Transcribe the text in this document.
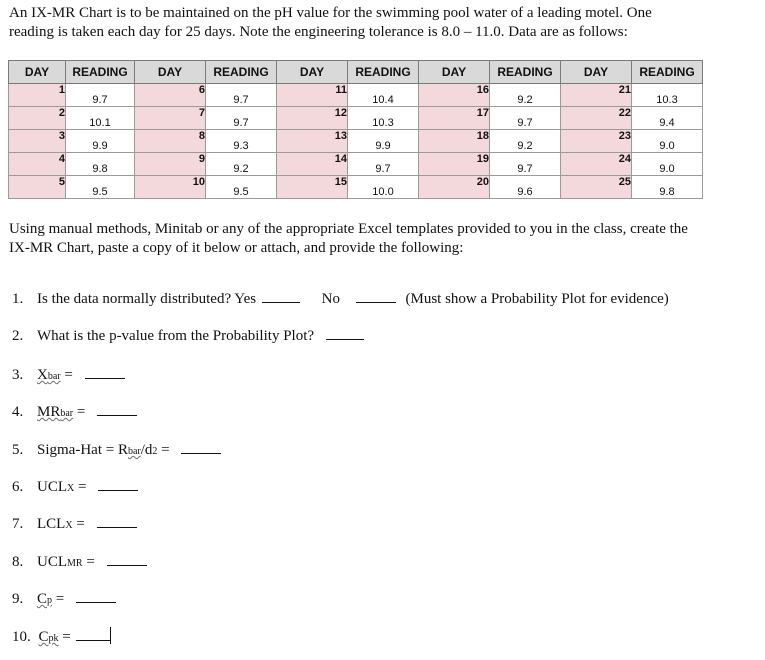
An IX-MR Chart is to be maintained on the pH value for the swimming pool water of a leading motel. One

reading is taken each day for 25 days. Note the engineering tolerance is 8.0 – 11.0. Data are as follows:

DAY	READING	DAY	READING	DAY	READING	DAY	READING	DAY	READING
1	9.7	6	9.7	11	10.4	16	9.2	21	10.3
2	10.1	7	9.7	12	10.3	17	9.7	22	9.4
3	9.9	8	9.3	13	9.9	18	9.2	23	9.0
4	9.8	9	9.2	14	9.7	19	9.7	24	9.0
5	9.5	10	9.5	15	10.0	20	9.6	25	9.8

Using manual methods, Minitab or any of the appropriate Excel templates provided to you in the class, create the

IX-MR Chart, paste a copy of it below or attach, and provide the following:

1. Is the data normally distributed? Yes	No	(Must show a Probability Plot for evidence)
2. What is the p-value from the Probability Plot?
3. Xbar =
4. MRbar =
5. Sigma-Hat = Rbar/d2 =
6. UCLX =
7. LCLX =
8. UCLMR =
9. Cp =
10. Cpk =
